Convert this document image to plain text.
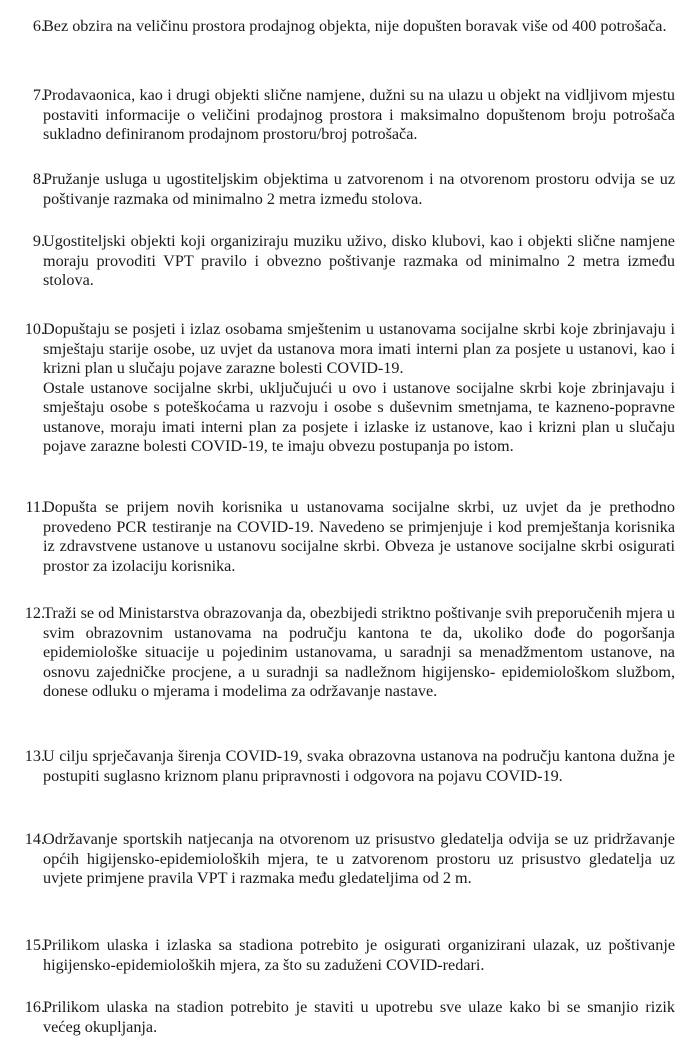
6.
Bez obzira na veličinu prostora prodajnog objekta, nije dopušten boravak više od 400 potrošača.
7.
Prodavaonica, kao i drugi objekti slične namjene, dužni su na ulazu u objekt na vidljivom mjestu postaviti informacije o veličini prodajnog prostora i maksimalno dopuštenom broju potrošača sukladno definiranom prodajnom prostoru/broj potrošača.
8.
Pružanje usluga u ugostiteljskim objektima u zatvorenom i na otvorenom prostoru odvija se uz poštivanje razmaka od minimalno 2 metra između stolova.
9.
Ugostiteljski objekti koji organiziraju muziku uživo, disko klubovi, kao i objekti slične namjene moraju provoditi VPT pravilo i obvezno poštivanje razmaka od minimalno 2 metra između stolova.
10.
Dopuštaju se posjeti i izlaz osobama smještenim u ustanovama socijalne skrbi koje zbrinjavaju i smještaju starije osobe, uz uvjet da ustanova mora imati interni plan za posjete u ustanovi, kao i krizni plan u slučaju pojave zarazne bolesti COVID-19.
Ostale ustanove socijalne skrbi, uključujući u ovo i ustanove socijalne skrbi koje zbrinjavaju i smještaju osobe s poteškoćama u razvoju i osobe s duševnim smetnjama, te kazneno-popravne ustanove, moraju imati interni plan za posjete i izlaske iz ustanove, kao i krizni plan u slučaju pojave zarazne bolesti COVID-19, te imaju obvezu postupanja po istom.
11.
Dopušta se prijem novih korisnika u ustanovama socijalne skrbi, uz uvjet da je prethodno provedeno PCR testiranje na COVID-19. Navedeno se primjenjuje i kod premještanja korisnika iz zdravstvene ustanove u ustanovu socijalne skrbi. Obveza je ustanove socijalne skrbi osigurati prostor za izolaciju korisnika.
12.
Traži se od Ministarstva obrazovanja da, obezbijedi striktno poštivanje svih preporučenih mjera u svim obrazovnim ustanovama na području kantona te da, ukoliko dođe do pogoršanja epidemiološke situacije u pojedinim ustanovama, u saradnji sa menadžmentom ustanove, na osnovu zajedničke procjene, a u suradnji sa nadležnom higijensko- epidemiološkom službom, donese odluku o mjerama i modelima za održavanje nastave.
13.
U cilju sprječavanja širenja COVID-19, svaka obrazovna ustanova na području kantona dužna je postupiti suglasno kriznom planu pripravnosti i odgovora na pojavu COVID-19.
14.
Održavanje sportskih natjecanja na otvorenom uz prisustvo gledatelja odvija se uz pridržavanje općih higijensko-epidemioloških mjera, te u zatvorenom prostoru uz prisustvo gledatelja uz uvjete primjene pravila VPT i razmaka među gledateljima od 2 m.
15.
Prilikom ulaska i izlaska sa stadiona potrebito je osigurati organizirani ulazak, uz poštivanje higijensko-epidemioloških mjera, za što su zaduženi COVID-redari.
16.
Prilikom ulaska na stadion potrebito je staviti u upotrebu sve ulaze kako bi se smanjio rizik većeg okupljanja.
